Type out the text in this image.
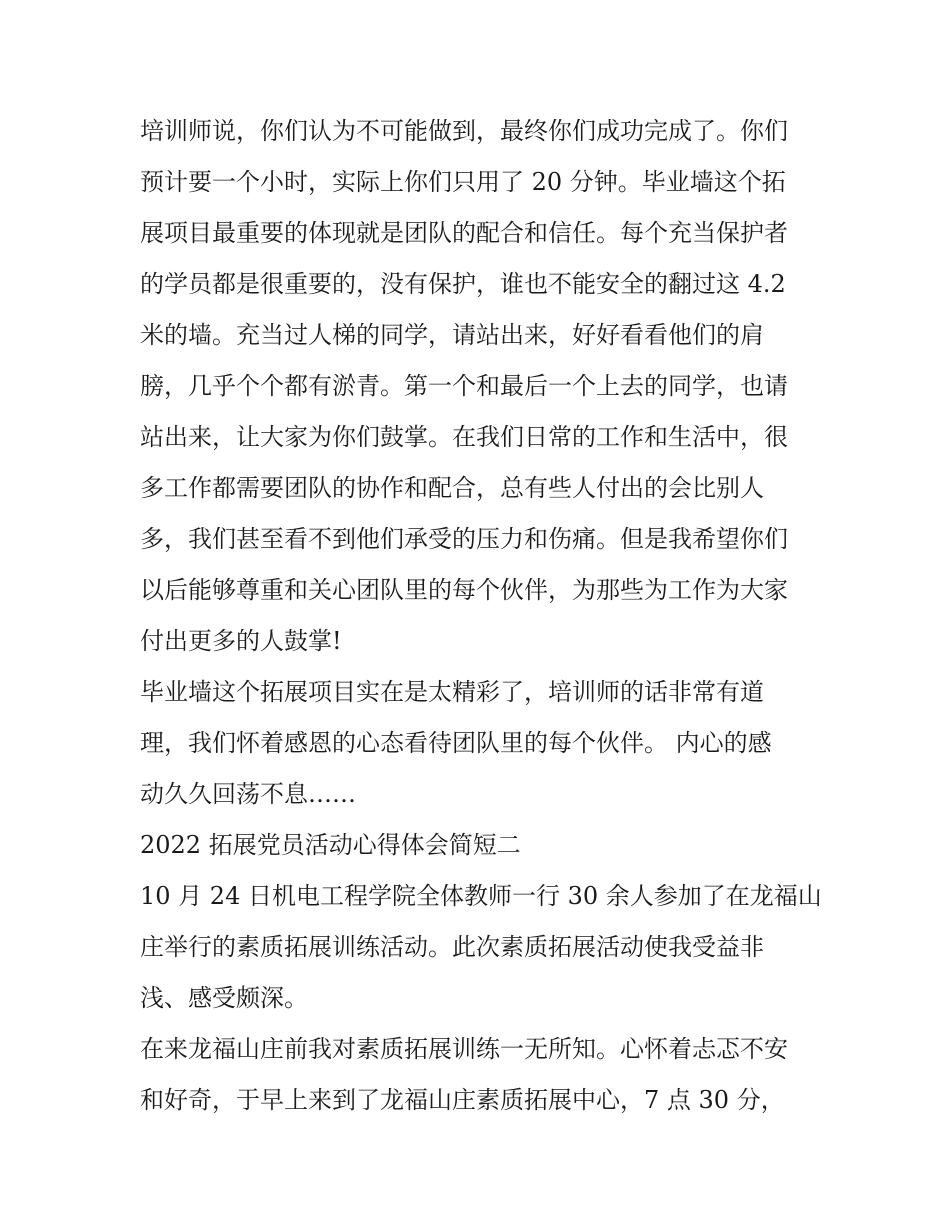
培训师说，你们认为不可能做到，最终你们成功完成了。你们
预计要一个小时，实际上你们只用了 20 分钟。毕业墙这个拓
展项目最重要的体现就是团队的配合和信任。每个充当保护者
的学员都是很重要的，没有保护，谁也不能安全的翻过这 4.2
米的墙。充当过人梯的同学，请站出来，好好看看他们的肩
膀，几乎个个都有淤青。第一个和最后一个上去的同学，也请
站出来，让大家为你们鼓掌。在我们日常的工作和生活中，很
多工作都需要团队的协作和配合，总有些人付出的会比别人
多，我们甚至看不到他们承受的压力和伤痛。但是我希望你们
以后能够尊重和关心团队里的每个伙伴，为那些为工作为大家
付出更多的人鼓掌!
毕业墙这个拓展项目实在是太精彩了，培训师的话非常有道
理，我们怀着感恩的心态看待团队里的每个伙伴。 内心的感
动久久回荡不息……
2022 拓展党员活动心得体会简短二
10 月 24 日机电工程学院全体教师一行 30 余人参加了在龙福山
庄举行的素质拓展训练活动。此次素质拓展活动使我受益非
浅、感受颇深。
在来龙福山庄前我对素质拓展训练一无所知。心怀着忐忑不安
和好奇，于早上来到了龙福山庄素质拓展中心，7 点 30 分，
